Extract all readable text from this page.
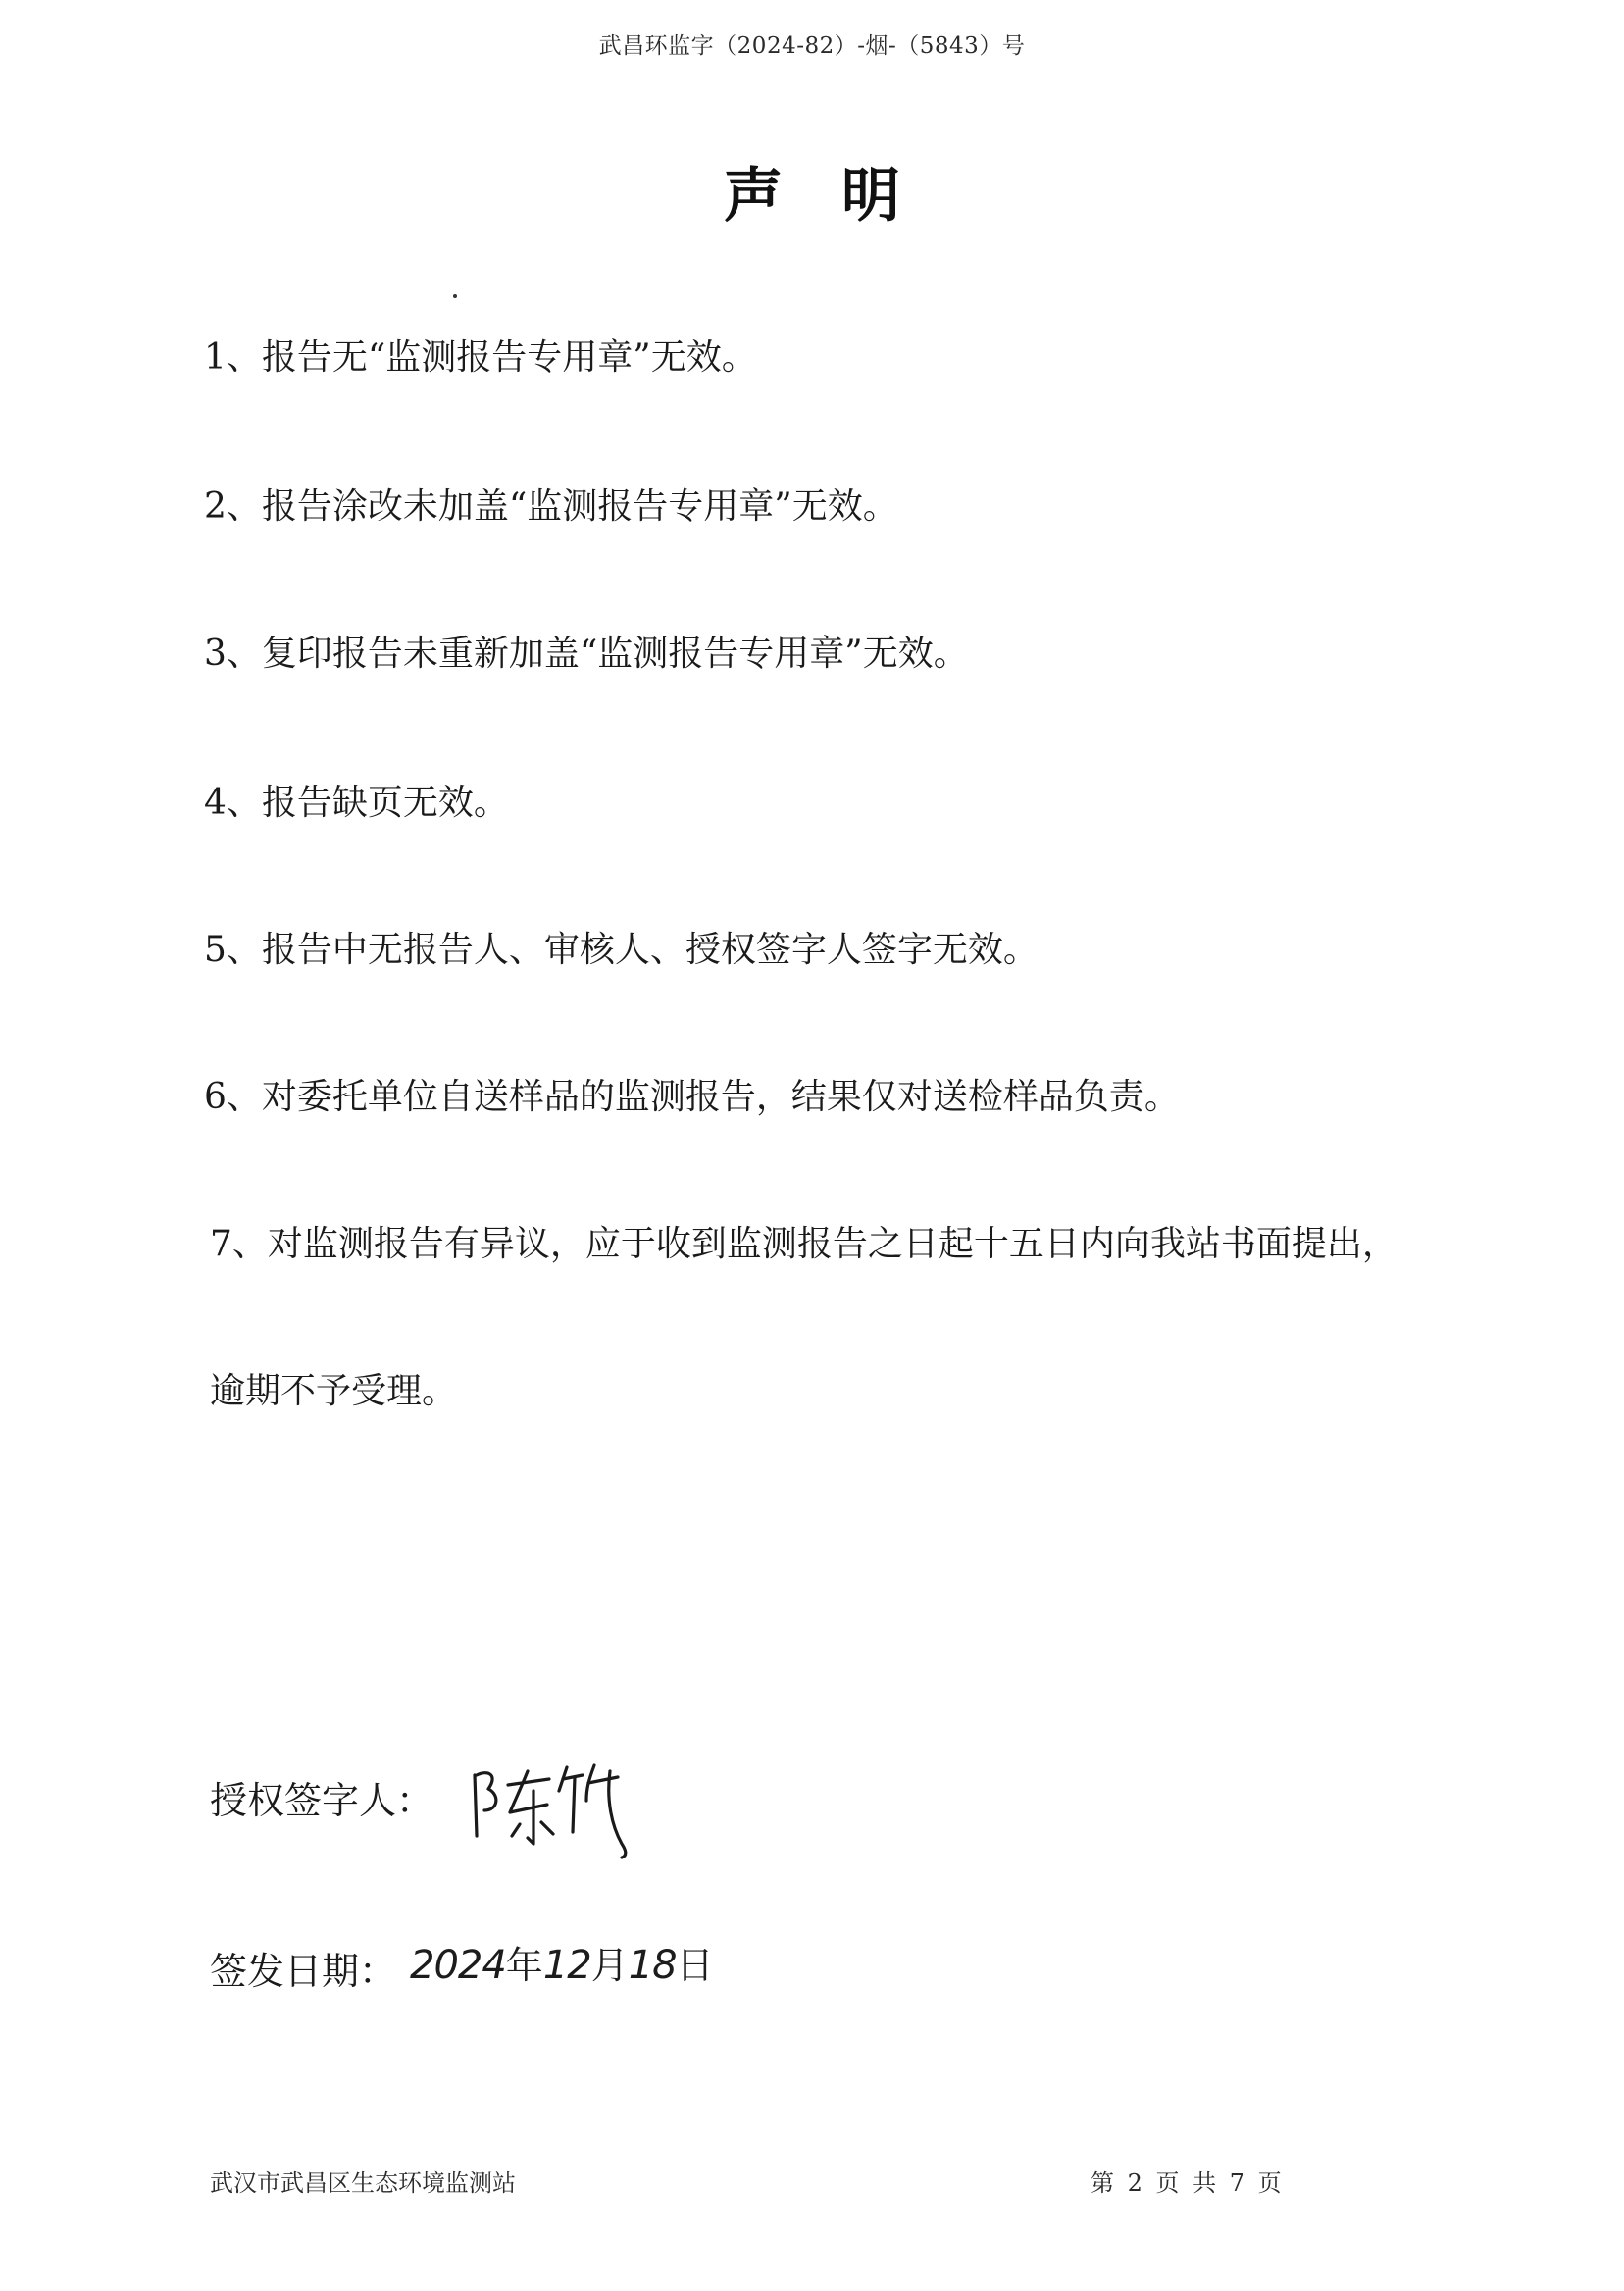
武昌环监字（2024-82）-烟-（5843）号
声明
1、报告无“监测报告专用章”无效。
2、报告涂改未加盖“监测报告专用章”无效。
3、复印报告未重新加盖“监测报告专用章”无效。
4、报告缺页无效。
5、报告中无报告人、审核人、授权签字人签字无效。
6、对委托单位自送样品的监测报告，结果仅对送检样品负责。
7、对监测报告有异议，应于收到监测报告之日起十五日内向我站书面提出，
逾期不予受理。
授权签字人：
签发日期： 2024年12月18日
武汉市武昌区生态环境监测站	第 2 页 共 7 页
